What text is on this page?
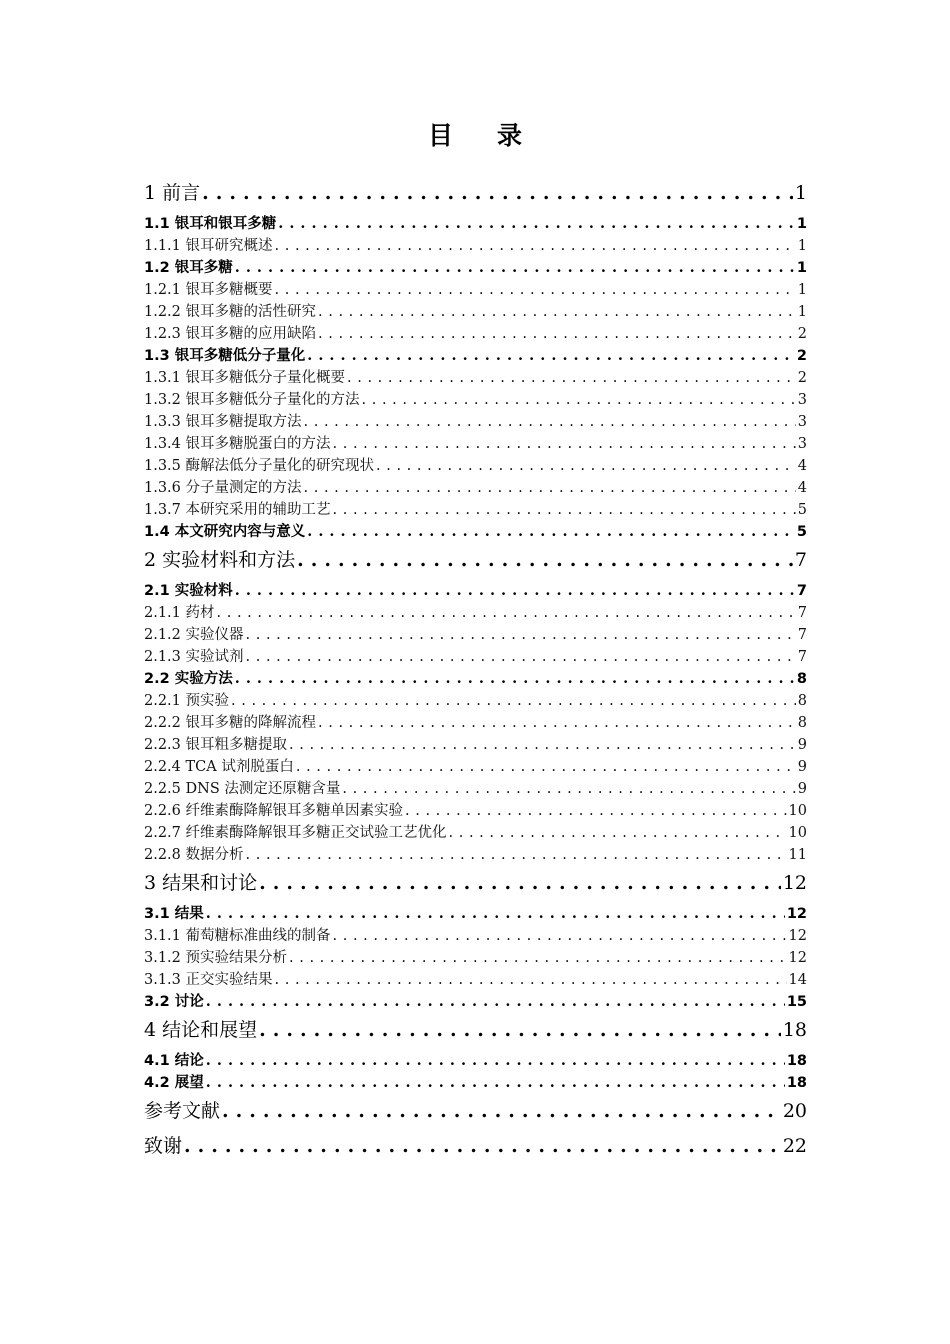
目 录
1 前言 . . .	1
1.1 银耳和银耳多糖 . . .	1
1.1.1 银耳研究概述 . . .	1
1.2 银耳多糖 . . .	1
1.2.1 银耳多糖概要 . . .	1
1.2.2 银耳多糖的活性研究 . . .	1
1.2.3 银耳多糖的应用缺陷 . . .	2
1.3 银耳多糖低分子量化 . . .	2
1.3.1 银耳多糖低分子量化概要 . . .	2
1.3.2 银耳多糖低分子量化的方法 . . .	3
1.3.3 银耳多糖提取方法 . . .	3
1.3.4 银耳多糖脱蛋白的方法 . . .	3
1.3.5 酶解法低分子量化的研究现状 . . .	4
1.3.6 分子量测定的方法 . . .	4
1.3.7 本研究采用的辅助工艺 . . .	5
1.4 本文研究内容与意义 . . .	5
2 实验材料和方法 . . .	7
2.1 实验材料 . . .	7
2.1.1 药材 . . .	7
2.1.2 实验仪器 . . .	7
2.1.3 实验试剂 . . .	7
2.2 实验方法 . . .	8
2.2.1 预实验 . . .	8
2.2.2 银耳多糖的降解流程 . . .	8
2.2.3 银耳粗多糖提取 . . .	9
2.2.4 TCA 试剂脱蛋白 . . .	9
2.2.5 DNS 法测定还原糖含量 . . .	9
2.2.6 纤维素酶降解银耳多糖单因素实验 . . .	10
2.2.7 纤维素酶降解银耳多糖正交试验工艺优化 . . .	10
2.2.8 数据分析 . . .	11
3 结果和讨论 . . .	12
3.1 结果 . . .	12
3.1.1 葡萄糖标准曲线的制备 . . .	12
3.1.2 预实验结果分析 . . .	12
3.1.3 正交实验结果 . . .	14
3.2 讨论 . . .	15
4 结论和展望 . . .	18
4.1 结论 . . .	18
4.2 展望 . . .	18
参考文献 . . .	20
致谢 . . .	22
